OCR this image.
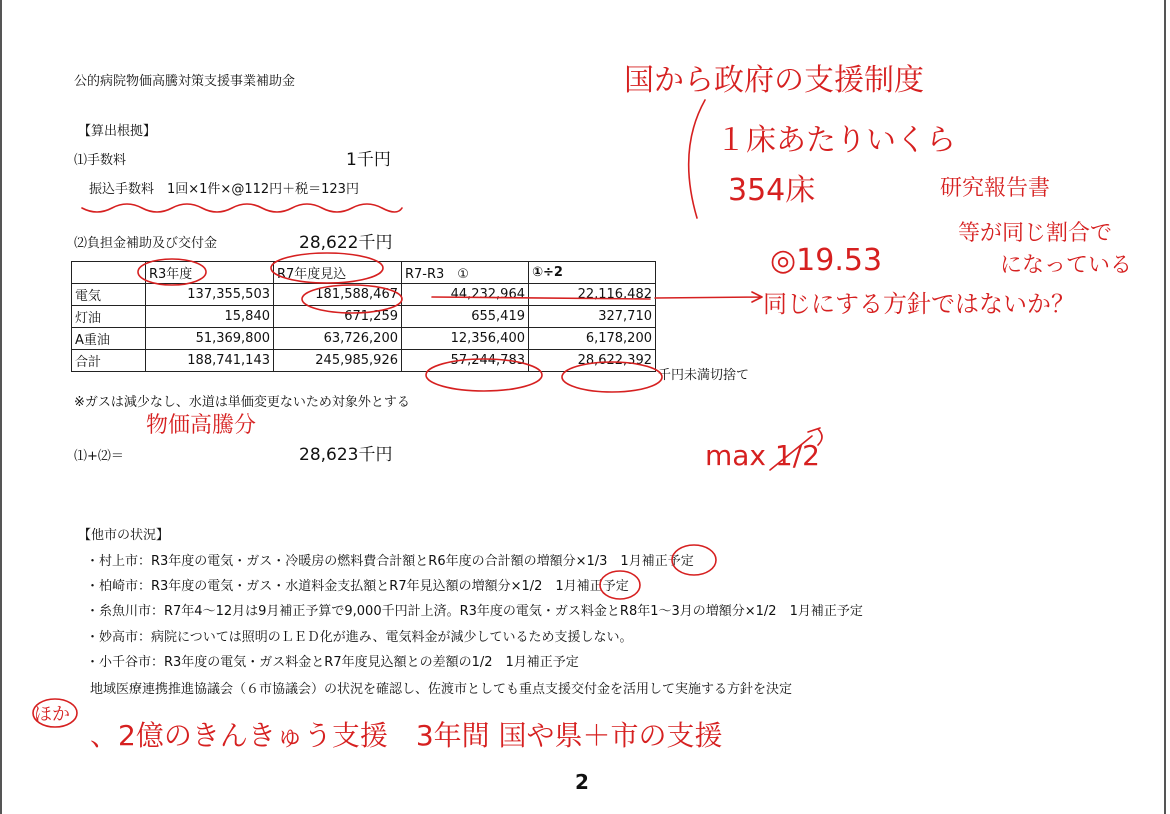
公的病院物価高騰対策支援事業補助金
【算出根拠】
⑴手数料	1千円
振込手数料　1回×1件×@112円＋税＝123円
⑵負担金補助及び交付金	28,622千円
	R3年度	R7年度見込	R7-R3　①	①÷2
電気	137,355,503	181,588,467	44,232,964	22,116,482
灯油	15,840	671,259	655,419	327,710
A重油	51,369,800	63,726,200	12,356,400	6,178,200
合計	188,741,143	245,985,926	57,244,783	28,622,392
千円未満切捨て
※ガスは減少なし、水道は単価変更ないため対象外とする
⑴+⑵＝	28,623千円
【他市の状況】
・村上市：R3年度の電気・ガス・冷暖房の燃料費合計額とR6年度の合計額の増額分×1/3　1月補正予定
・柏崎市：R3年度の電気・ガス・水道料金支払額とR7年見込額の増額分×1/2　1月補正予定
・糸魚川市：R7年4～12月は9月補正予算で9,000千円計上済。R3年度の電気・ガス料金とR8年1～3月の増額分×1/2　1月補正予定
・妙高市：病院については照明のＬＥＤ化が進み、電気料金が減少しているため支援しない。
・小千谷市：R3年度の電気・ガス料金とR7年度見込額との差額の1/2　1月補正予定
地域医療連携推進協議会（６市協議会）の状況を確認し、佐渡市としても重点支援交付金を活用して実施する方針を決定
2
国から政府の支援制度
１床あたりいくら
354床
◎19.53
同じにする方針ではないか？
max 1/2
、2億のきんきゅう支援　3年間 国や県＋市の支援
研究報告書
等が同じ割合で
になっている
物価高騰分
ほか
